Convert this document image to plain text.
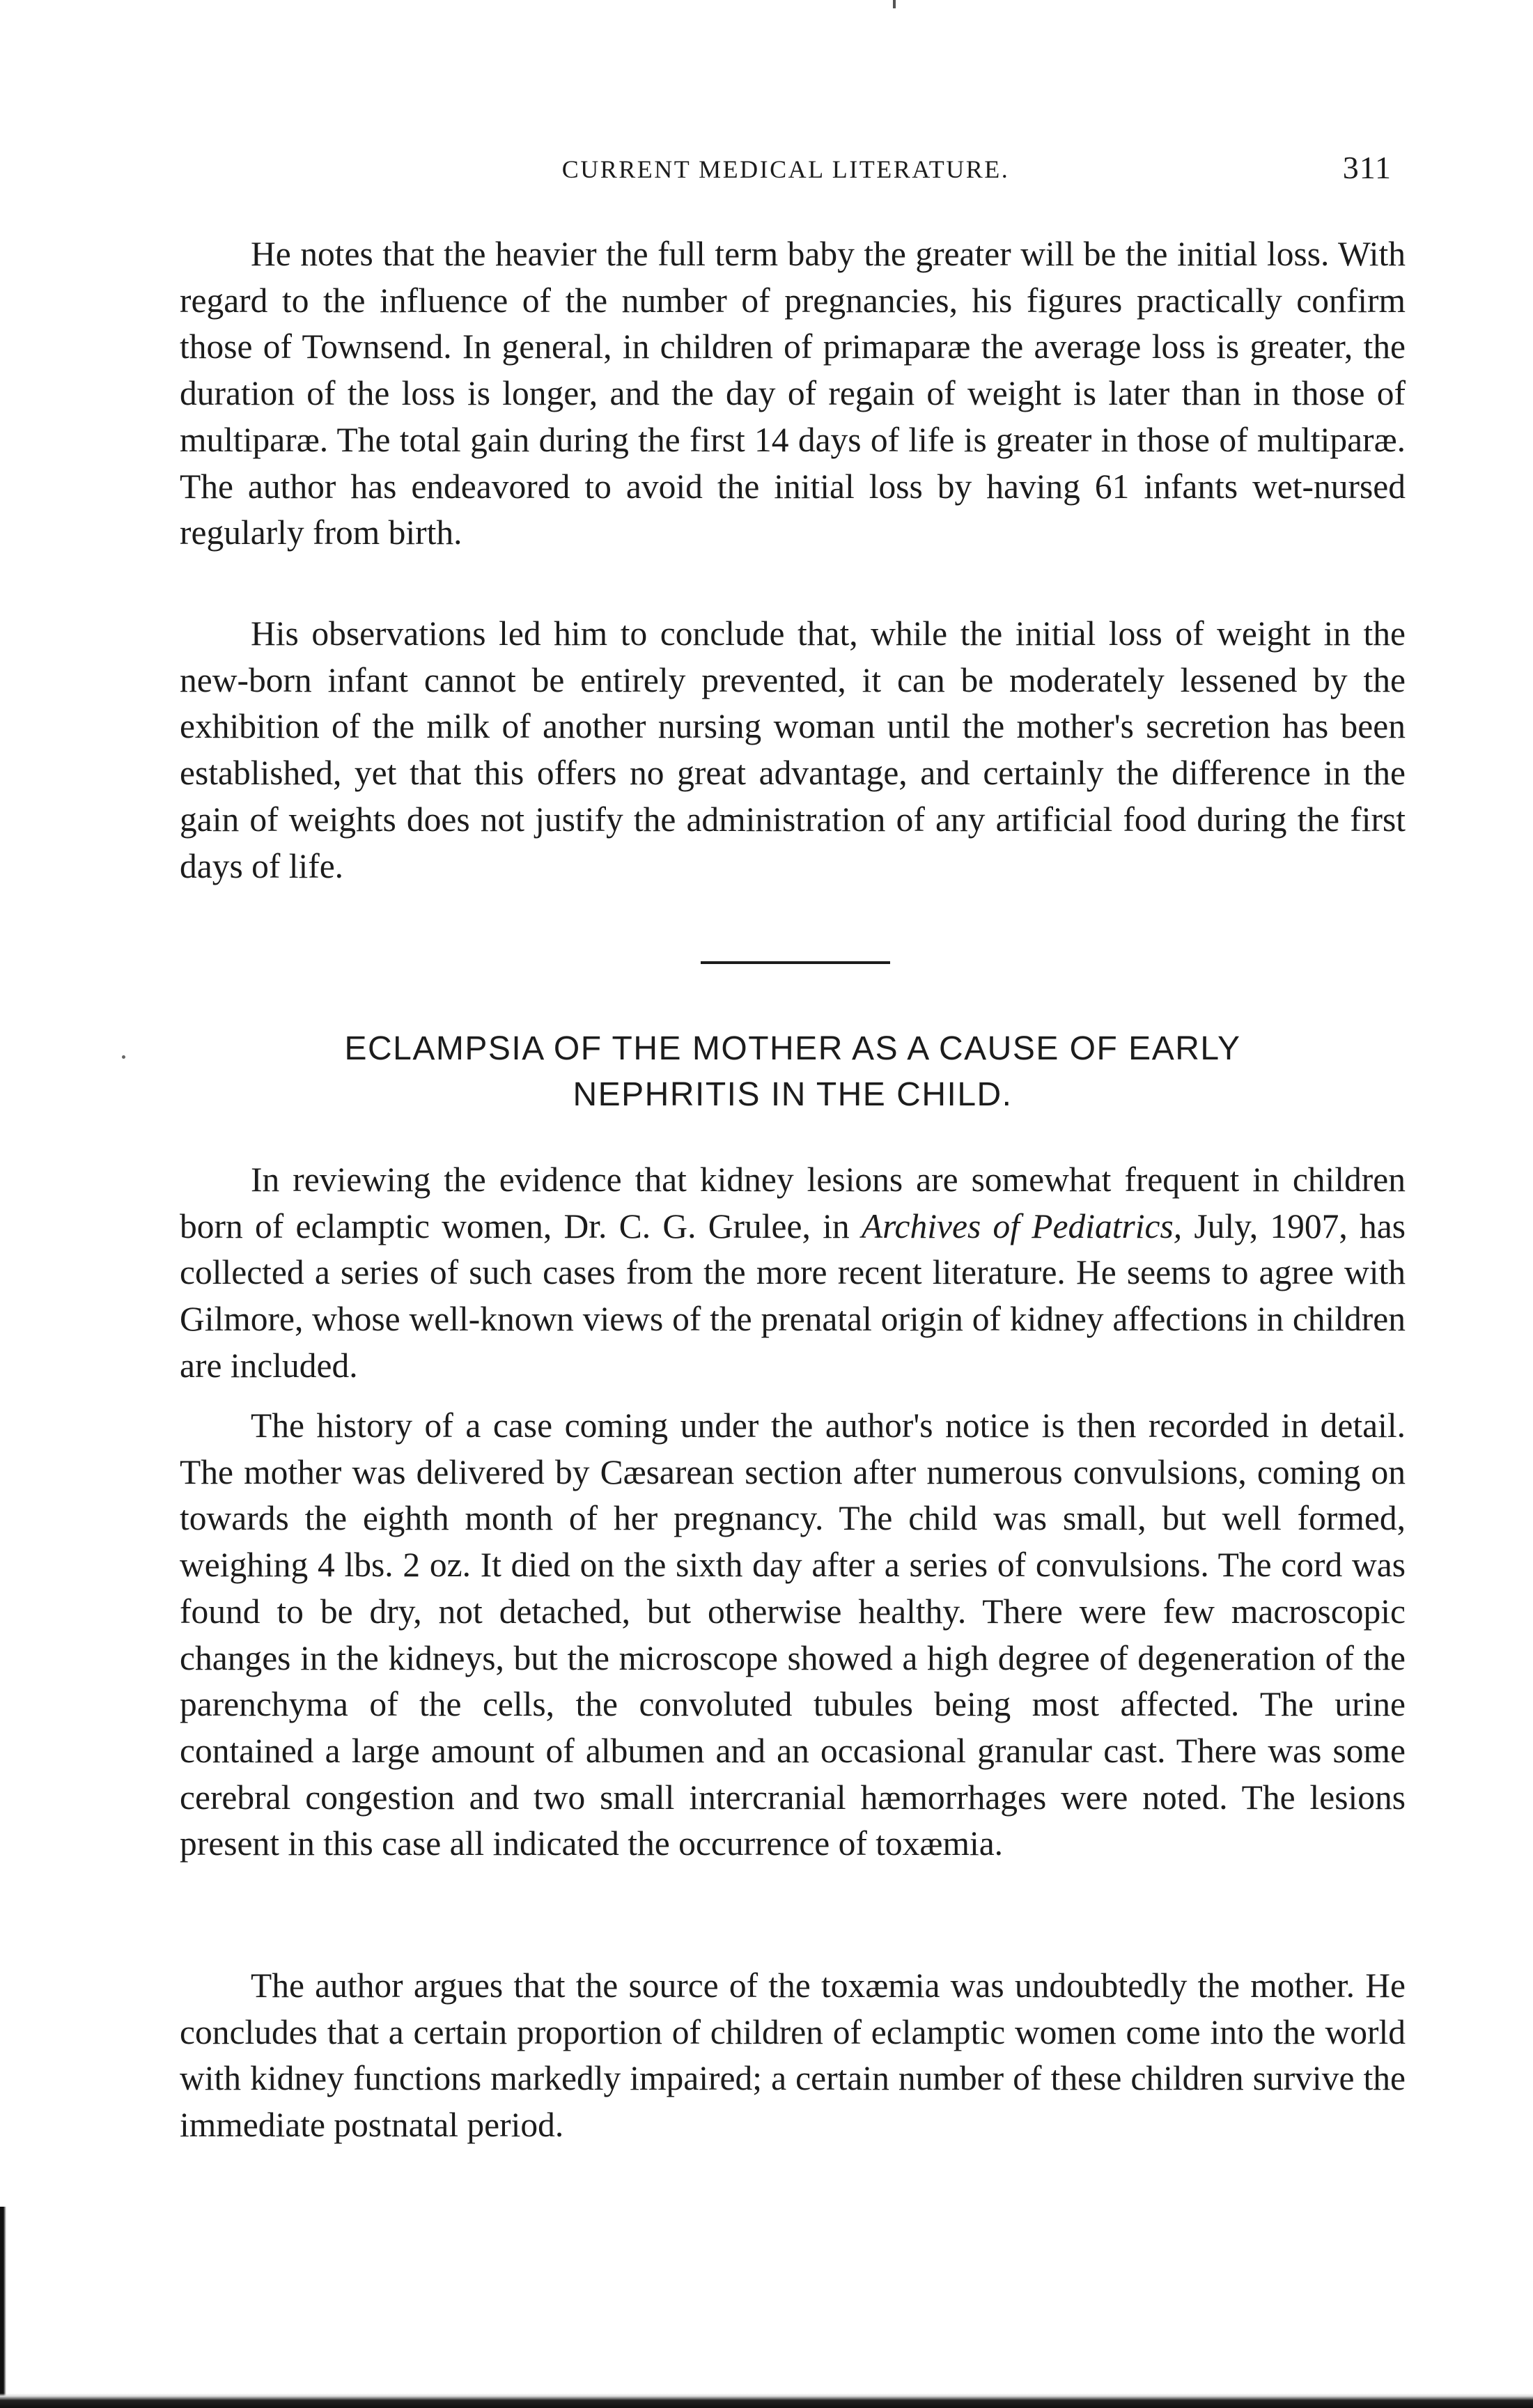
CURRENT MEDICAL LITERATURE.	311

He notes that the heavier the full term baby the greater will be the initial loss. With regard to the influence of the number of pregnancies, his figures practically confirm those of Townsend. In general, in children of primaparæ the average loss is greater, the duration of the loss is longer, and the day of regain of weight is later than in those of multiparæ. The total gain during the first 14 days of life is greater in those of multiparæ. The author has endeavored to avoid the initial loss by having 61 infants wet-nursed regularly from birth.

His observations led him to conclude that, while the initial loss of weight in the new-born infant cannot be entirely prevented, it can be moderately lessened by the exhibition of the milk of another nursing woman until the mother's secretion has been established, yet that this offers no great advantage, and certainly the difference in the gain of weights does not justify the administration of any artificial food during the first days of life.

ECLAMPSIA OF THE MOTHER AS A CAUSE OF EARLY
NEPHRITIS IN THE CHILD.

In reviewing the evidence that kidney lesions are somewhat frequent in children born of eclamptic women, Dr. C. G. Grulee, in Archives of Pediatrics, July, 1907, has collected a series of such cases from the more recent literature. He seems to agree with Gilmore, whose well-known views of the prenatal origin of kidney affections in children are included.

The history of a case coming under the author's notice is then recorded in detail. The mother was delivered by Cæsarean section after numerous convulsions, coming on towards the eighth month of her pregnancy. The child was small, but well formed, weighing 4 lbs. 2 oz. It died on the sixth day after a series of convulsions. The cord was found to be dry, not detached, but otherwise healthy. There were few macroscopic changes in the kidneys, but the microscope showed a high degree of degeneration of the parenchyma of the cells, the convoluted tubules being most affected. The urine contained a large amount of albumen and an occasional granular cast. There was some cerebral congestion and two small intercranial hæmorrhages were noted. The lesions present in this case all indicated the occurrence of toxæmia.

The author argues that the source of the toxæmia was undoubtedly the mother. He concludes that a certain proportion of children of eclamptic women come into the world with kidney functions markedly impaired; a certain number of these children survive the immediate postnatal period.
